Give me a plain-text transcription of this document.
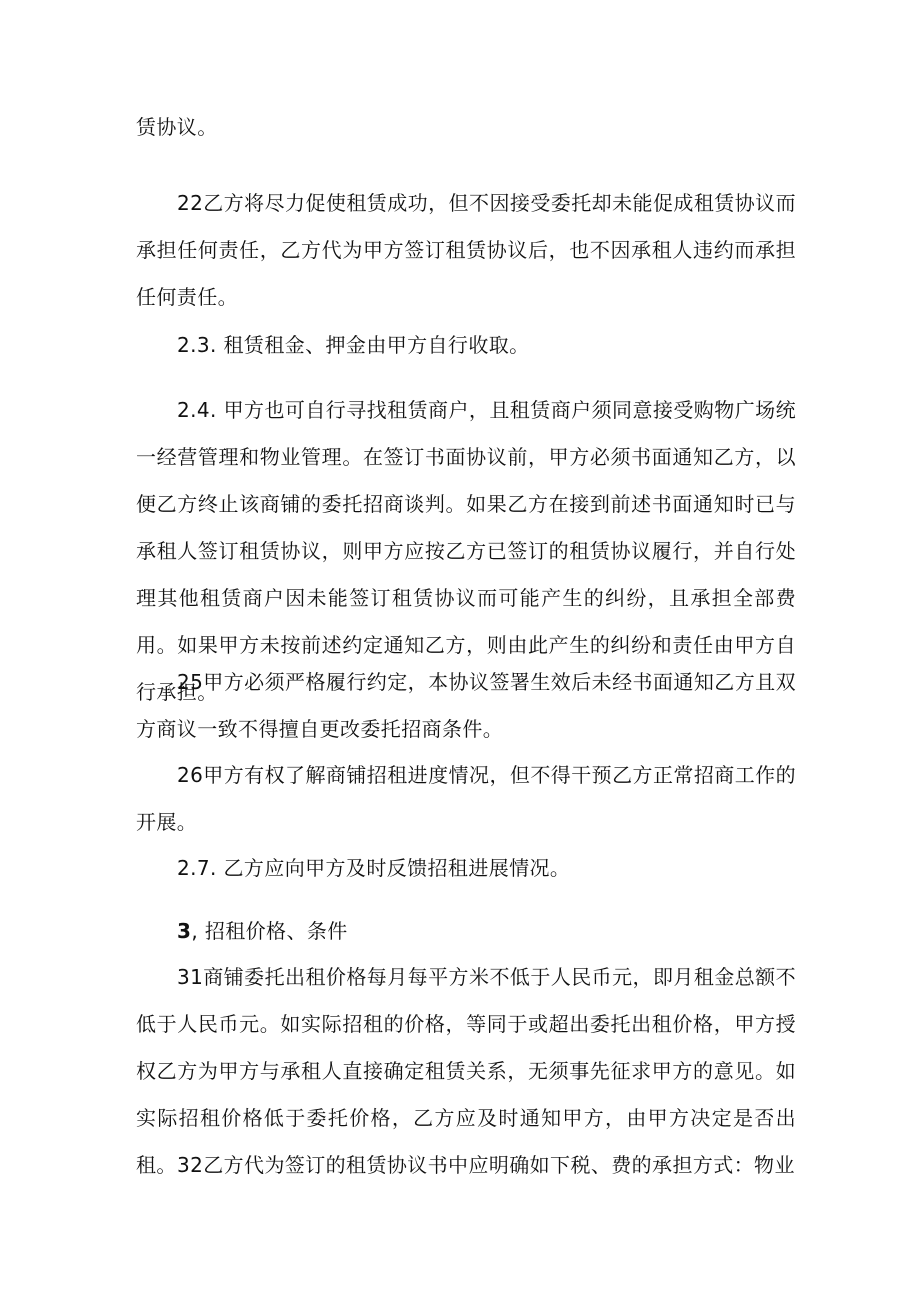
赁协议。

22乙方将尽力促使租赁成功，但不因接受委托却未能促成租赁协议而承担任何责任，乙方代为甲方签订租赁协议后，也不因承租人违约而承担任何责任。

2.3. 租赁租金、押金由甲方自行收取。

2.4. 甲方也可自行寻找租赁商户，且租赁商户须同意接受购物广场统一经营管理和物业管理。在签订书面协议前，甲方必须书面通知乙方，以便乙方终止该商铺的委托招商谈判。如果乙方在接到前述书面通知时已与承租人签订租赁协议，则甲方应按乙方已签订的租赁协议履行，并自行处理其他租赁商户因未能签订租赁协议而可能产生的纠纷，且承担全部费用。如果甲方未按前述约定通知乙方，则由此产生的纠纷和责任由甲方自行承担。

25甲方必须严格履行约定，本协议签署生效后未经书面通知乙方且双方商议一致不得擅自更改委托招商条件。

26甲方有权了解商铺招租进度情况，但不得干预乙方正常招商工作的开展。

2.7. 乙方应向甲方及时反馈招租进展情况。

3, 招租价格、条件

31商铺委托出租价格每月每平方米不低于人民币元，即月租金总额不低于人民币元。如实际招租的价格，等同于或超出委托出租价格，甲方授权乙方为甲方与承租人直接确定租赁关系，无须事先征求甲方的意见。如实际招租价格低于委托价格，乙方应及时通知甲方，由甲方决定是否出租。 32乙方代为签订的租赁协议书中应明确如下税、费的承担方式：物业
